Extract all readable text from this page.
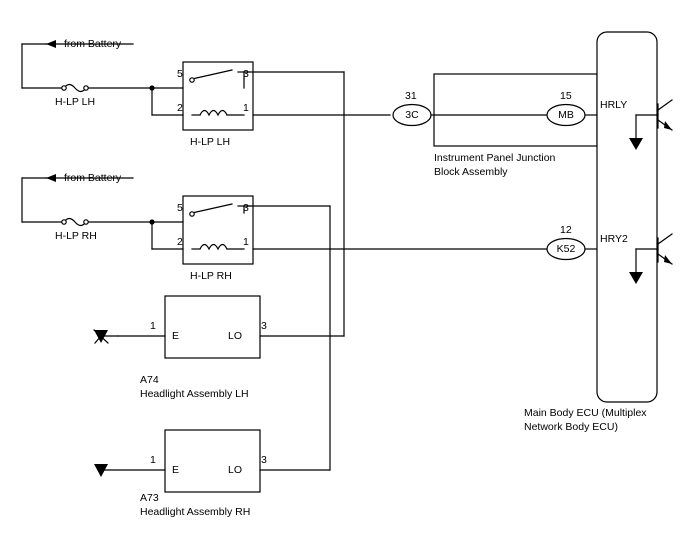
from Battery
H-LP LH
from Battery
H-LP RH
5	3
2	1
H-LP LH
5	3
2	1
H-LP RH
1
E
3
LO
A74
Headlight Assembly LH
1
E
3
LO
A73
Headlight Assembly RH
31
3C
15
MB
Instrument Panel Junction
Block Assembly
12
K52
HRLY
HRY2
Main Body ECU (Multiplex
Network Body ECU)
